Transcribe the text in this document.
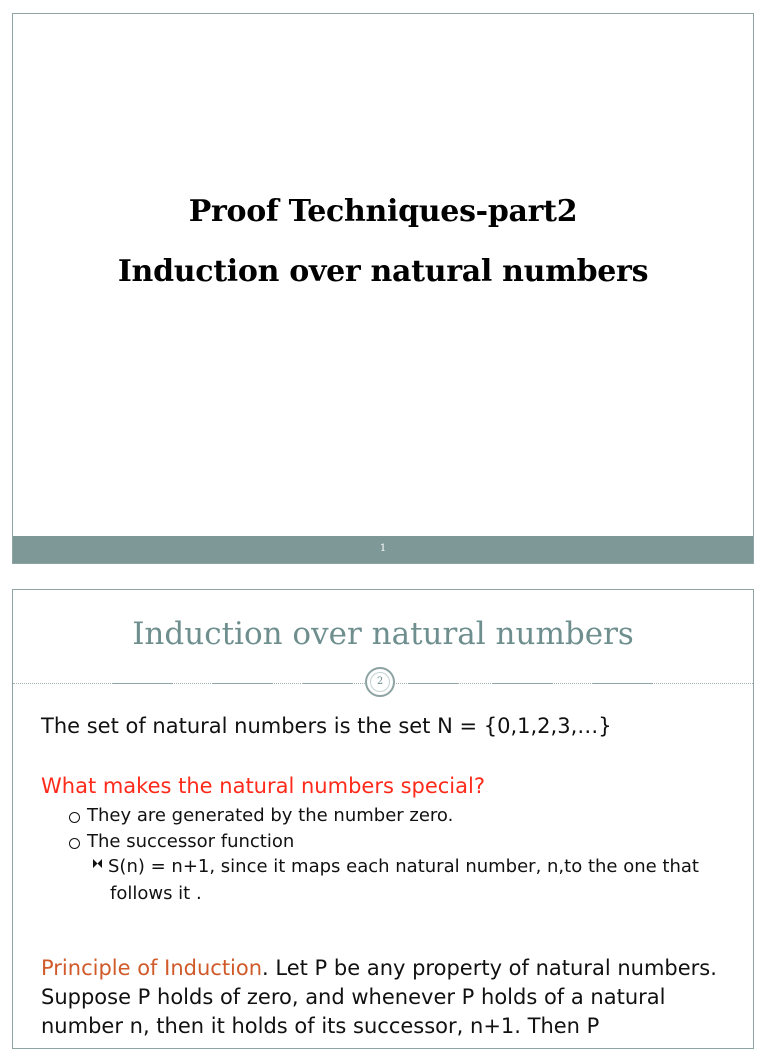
Proof Techniques-part2
Induction over natural numbers
1
Induction over natural numbers
2
The set of natural numbers is the set N = {0,1,2,3,…}
What makes the natural numbers special?
They are generated by the number zero.
The successor function
S(n) = n+1, since it maps each natural number, n,to the one that
follows it .
Principle of Induction. Let P be any property of natural numbers. Suppose P holds of zero, and whenever P holds of a natural number n, then it holds of its successor, n+1. Then P
